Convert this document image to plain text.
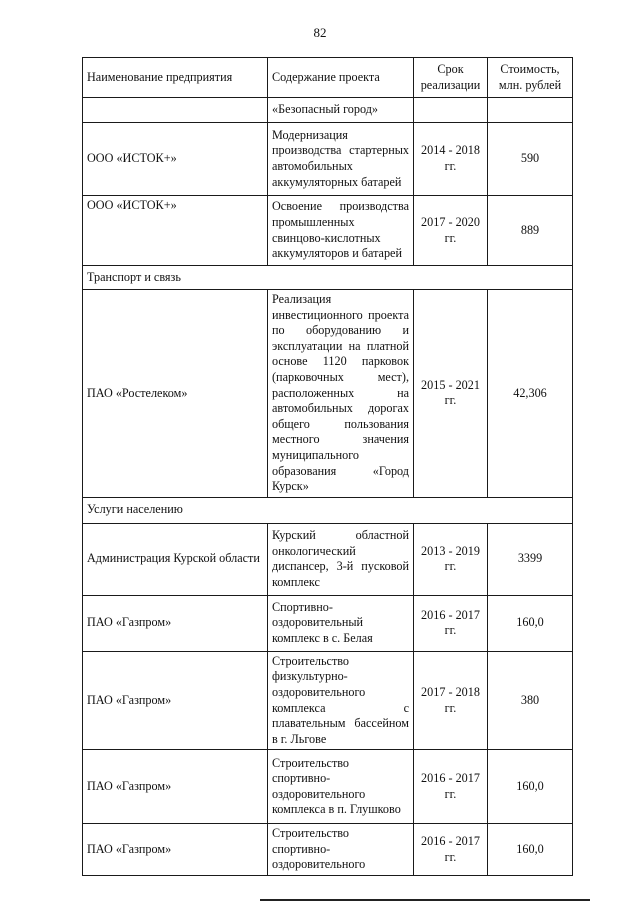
82
Наименование предприятия	Содержание проекта	Срок реализации	Стоимость, млн. рублей
	«Безопасный город»		
ООО «ИСТОК+»	Модернизация производства стартерных автомобильных аккумуляторных батарей	2014 - 2018 гг.	590
ООО «ИСТОК+»	Освоение производства промышленных свинцово-кислотных аккумуляторов и батарей	2017 - 2020 гг.	889
Транспорт и связь			
ПАО «Ростелеком»	Реализация инвестиционного проекта по оборудованию и эксплуатации на платной основе 1120 парковок (парковочных мест), расположенных на автомобильных дорогах общего пользования местного значения муниципального образования «Город Курск»	2015 - 2021 гг.	42,306
Услуги населению			
Администрация Курской области	Курский областной онкологический диспансер, 3-й пусковой комплекс	2013 - 2019 гг.	3399
ПАО «Газпром»	Спортивно-оздоровительный комплекс в с. Белая	2016 - 2017 гг.	160,0
ПАО «Газпром»	Строительство физкультурно-оздоровительного комплекса с плавательным бассейном в г. Льгове	2017 - 2018 гг.	380
ПАО «Газпром»	Строительство спортивно-оздоровительного комплекса в п. Глушково	2016 - 2017 гг.	160,0
ПАО «Газпром»	Строительство спортивно-оздоровительного	2016 - 2017 гг.	160,0
